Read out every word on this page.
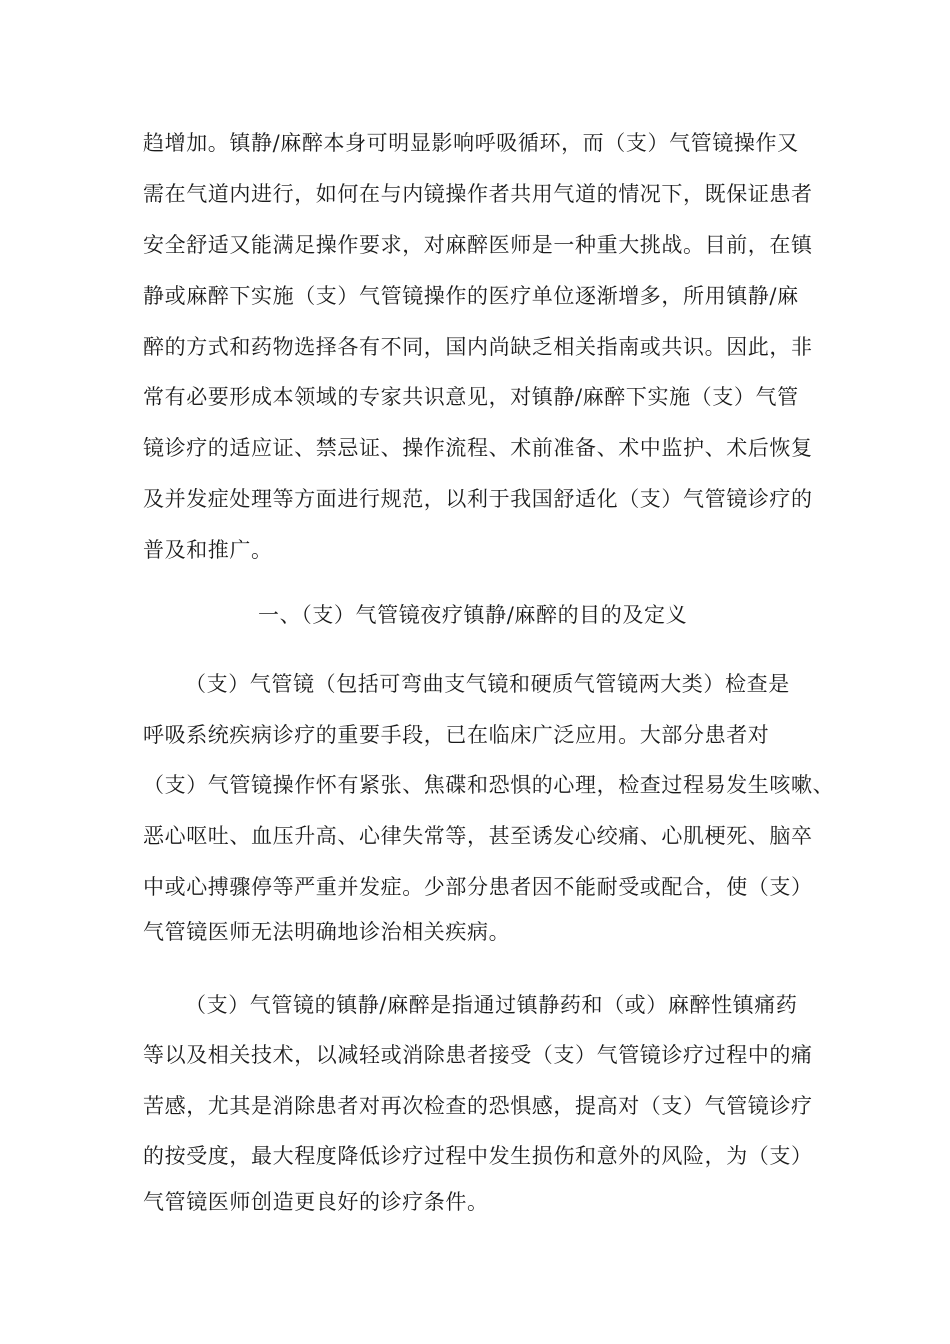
趋增加。镇静/麻醉本身可明显影响呼吸循环，而（支）气管镜操作又
需在气道内进行，如何在与内镜操作者共用气道的情况下，既保证患者
安全舒适又能满足操作要求，对麻醉医师是一种重大挑战。目前，在镇
静或麻醉下实施（支）气管镜操作的医疗单位逐渐增多，所用镇静/麻
醉的方式和药物选择各有不同，国内尚缺乏相关指南或共识。因此，非
常有必要形成本领域的专家共识意见，对镇静/麻醉下实施（支）气管
镜诊疗的适应证、禁忌证、操作流程、术前准备、术中监护、术后恢复
及并发症处理等方面进行规范，以利于我国舒适化（支）气管镜诊疗的
普及和推广。
一、（支）气管镜夜疗镇静/麻醉的目的及定义
（支）气管镜（包括可弯曲支气镜和硬质气管镜两大类）检查是
呼吸系统疾病诊疗的重要手段，已在临床广泛应用。大部分患者对
（支）气管镜操作怀有紧张、焦碟和恐惧的心理，检查过程易发生咳嗽、
恶心呕吐、血压升高、心律失常等，甚至诱发心绞痛、心肌梗死、脑卒
中或心搏骤停等严重并发症。少部分患者因不能耐受或配合，使（支）
气管镜医师无法明确地诊治相关疾病。
（支）气管镜的镇静/麻醉是指通过镇静药和（或）麻醉性镇痛药
等以及相关技术，以减轻或消除患者接受（支）气管镜诊疗过程中的痛
苦感，尤其是消除患者对再次检查的恐惧感，提高对（支）气管镜诊疗
的按受度，最大程度降低诊疗过程中发生损伤和意外的风险，为（支）
气管镜医师创造更良好的诊疗条件。
